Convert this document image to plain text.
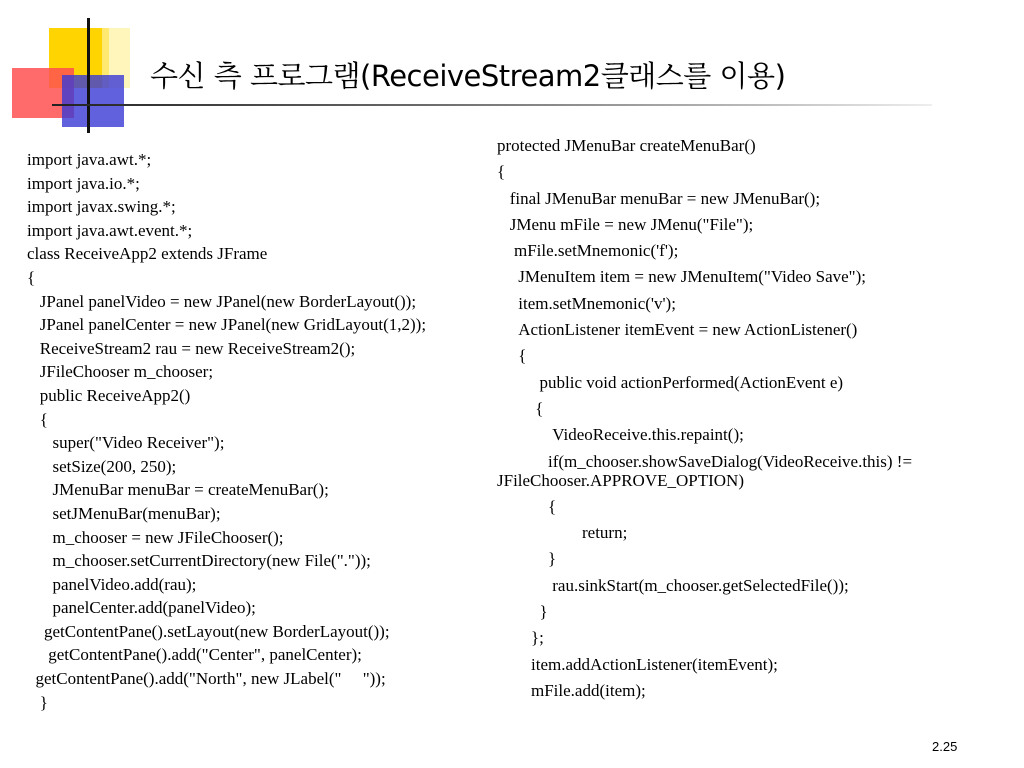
수신 측 프로그램(ReceiveStream2클래스를 이용)
import java.awt.*;
import java.io.*;
import javax.swing.*;
import java.awt.event.*;
class ReceiveApp2 extends JFrame
{
JPanel panelVideo = new JPanel(new BorderLayout());
JPanel panelCenter = new JPanel(new GridLayout(1,2));
ReceiveStream2 rau = new ReceiveStream2();
JFileChooser m_chooser;
public ReceiveApp2()
{
super("Video Receiver");
setSize(200, 250);
JMenuBar menuBar = createMenuBar();
setJMenuBar(menuBar);
m_chooser = new JFileChooser();
m_chooser.setCurrentDirectory(new File("."));
panelVideo.add(rau);
panelCenter.add(panelVideo);
getContentPane().setLayout(new BorderLayout());
getContentPane().add("Center", panelCenter);
getContentPane().add("North", new JLabel("     "));
}
protected JMenuBar createMenuBar()
{
final JMenuBar menuBar = new JMenuBar();
JMenu mFile = new JMenu("File");
mFile.setMnemonic('f');
JMenuItem item = new JMenuItem("Video Save");
item.setMnemonic('v');
ActionListener itemEvent = new ActionListener()
{
public void actionPerformed(ActionEvent e)
{
VideoReceive.this.repaint();
if(m_chooser.showSaveDialog(VideoReceive.this) != JFileChooser.APPROVE_OPTION)
{
return;
}
rau.sinkStart(m_chooser.getSelectedFile());
}
};
item.addActionListener(itemEvent);
mFile.add(item);
2.25
